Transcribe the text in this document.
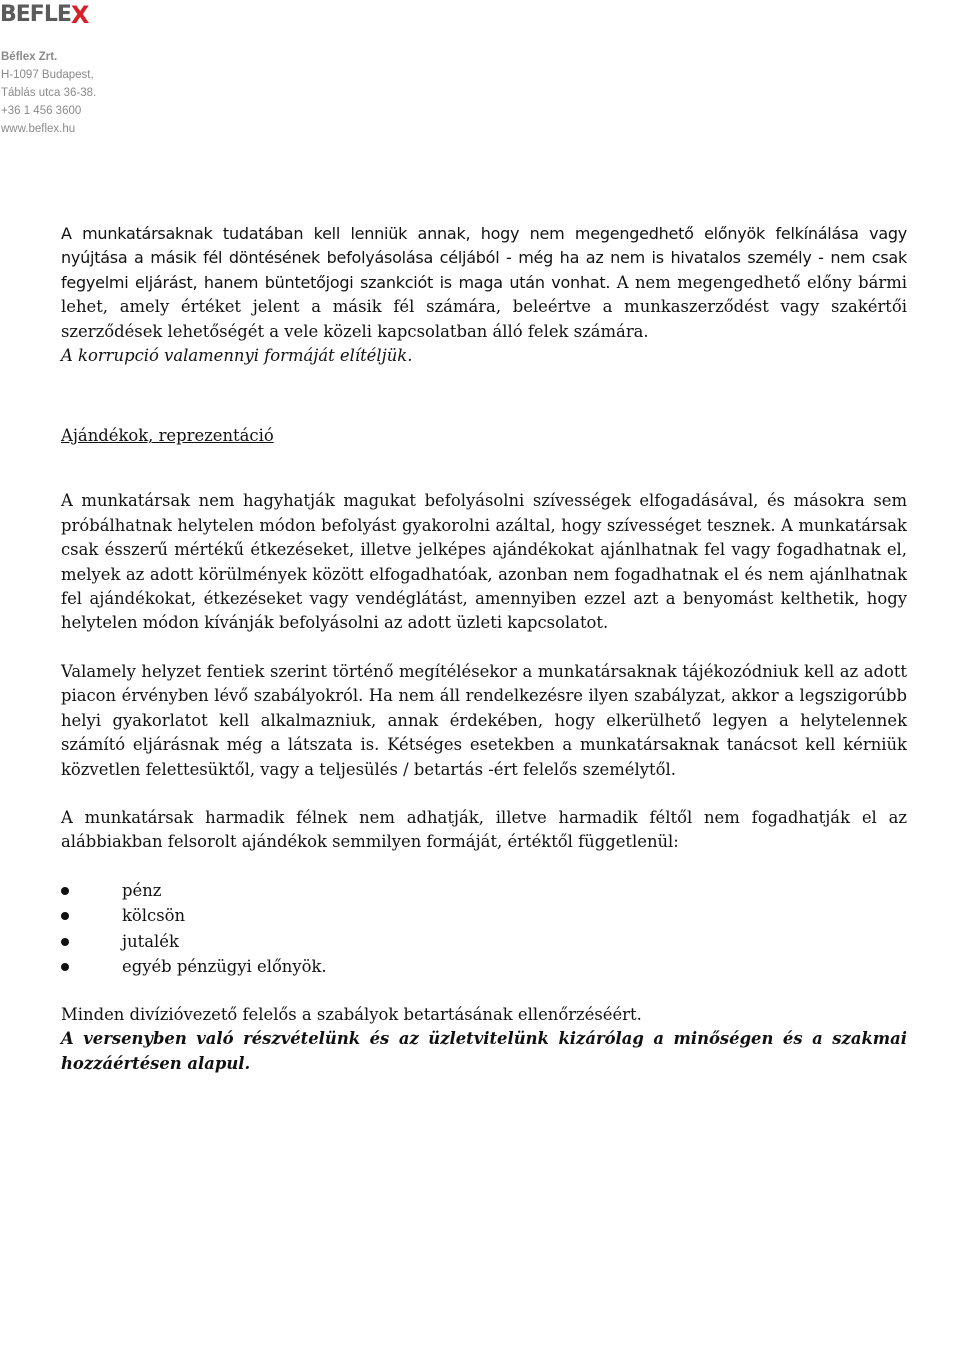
BEFLE X
Béflex Zrt.
H-1097 Budapest,
Táblás utca 36-38.
+36 1 456 3600
www.beflex.hu

A munkatársaknak tudatában kell lenniük annak, hogy nem megengedhető előnyök felkínálása vagy nyújtása a másik fél döntésének befolyásolása céljából - még ha az nem is hivatalos személy - nem csak fegyelmi eljárást, hanem büntetőjogi szankciót is maga után vonhat. A nem megengedhető előny bármi lehet, amely értéket jelent a másik fél számára, beleértve a munkaszerződést vagy szakértői szerződések lehetőségét a vele közeli kapcsolatban álló felek számára.

A korrupció valamennyi formáját elítéljük.

Ajándékok, reprezentáció

A munkatársak nem hagyhatják magukat befolyásolni szívességek elfogadásával, és másokra sem próbálhatnak helytelen módon befolyást gyakorolni azáltal, hogy szívességet tesznek. A munkatársak csak ésszerű mértékű étkezéseket, illetve jelképes ajándékokat ajánlhatnak fel vagy fogadhatnak el, melyek az adott körülmények között elfogadhatóak, azonban nem fogadhatnak el és nem ajánlhatnak fel ajándékokat, étkezéseket vagy vendéglátást, amennyiben ezzel azt a benyomást kelthetik, hogy helytelen módon kívánják befolyásolni az adott üzleti kapcsolatot.

Valamely helyzet fentiek szerint történő megítélésekor a munkatársaknak tájékozódniuk kell az adott piacon érvényben lévő szabályokról. Ha nem áll rendelkezésre ilyen szabályzat, akkor a legszigorúbb helyi gyakorlatot kell alkalmazniuk, annak érdekében, hogy elkerülhető legyen a helytelennek számító eljárásnak még a látszata is. Kétséges esetekben a munkatársaknak tanácsot kell kérniük közvetlen felettesüktől, vagy a teljesülés / betartás -ért felelős személytől.

A munkatársak harmadik félnek nem adhatják, illetve harmadik féltől nem fogadhatják el az alábbiakban felsorolt ajándékok semmilyen formáját, értéktől függetlenül:

pénz
kölcsön
jutalék
egyéb pénzügyi előnyök.

Minden divízióvezető felelős a szabályok betartásának ellenőrzéséért.

A versenyben való részvételünk és az üzletvitelünk kizárólag a minőségen és a szakmai hozzáértésen alapul.
